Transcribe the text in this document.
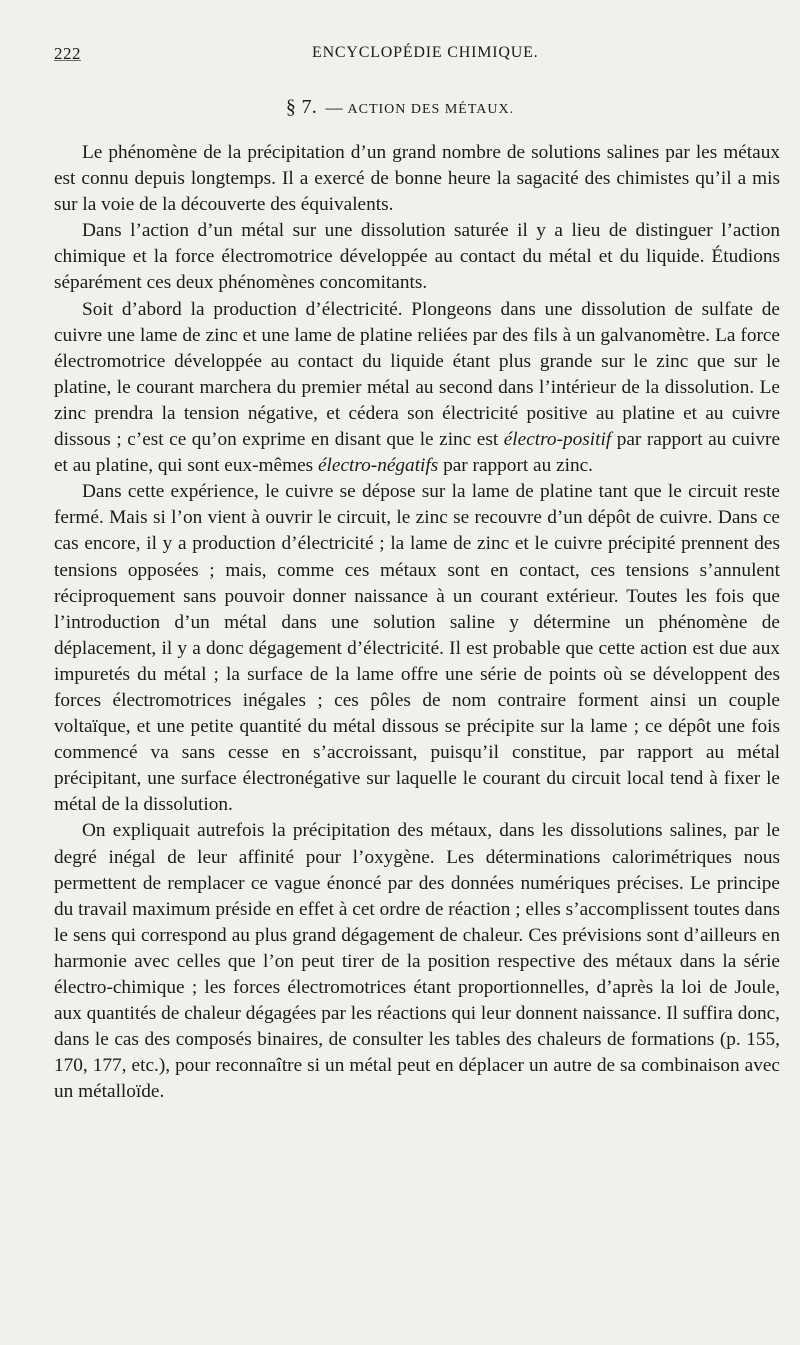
222	ENCYCLOPÉDIE CHIMIQUE.
§ 7. — ACTION DES MÉTAUX.

Le phénomène de la précipitation d’un grand nombre de solutions salines par les métaux est connu depuis longtemps. Il a exercé de bonne heure la sagacité des chimistes qu’il a mis sur la voie de la découverte des équivalents.

Dans l’action d’un métal sur une dissolution saturée il y a lieu de distinguer l’action chimique et la force électromotrice développée au contact du métal et du liquide. Étudions séparément ces deux phénomènes concomitants.

Soit d’abord la production d’électricité. Plongeons dans une dissolution de sulfate de cuivre une lame de zinc et une lame de platine reliées par des fils à un galvanomètre. La force électromotrice développée au contact du liquide étant plus grande sur le zinc que sur le platine, le courant marchera du premier métal au second dans l’intérieur de la dissolution. Le zinc prendra la tension négative, et cédera son électricité positive au platine et au cuivre dissous ; c’est ce qu’on exprime en disant que le zinc est électro-positif par rapport au cuivre et au platine, qui sont eux-mêmes électro-négatifs par rapport au zinc.

Dans cette expérience, le cuivre se dépose sur la lame de platine tant que le circuit reste fermé. Mais si l’on vient à ouvrir le circuit, le zinc se recouvre d’un dépôt de cuivre. Dans ce cas encore, il y a production d’électricité ; la lame de zinc et le cuivre précipité prennent des tensions opposées ; mais, comme ces métaux sont en contact, ces tensions s’annulent réciproquement sans pouvoir donner naissance à un courant extérieur. Toutes les fois que l’introduction d’un métal dans une solution saline y détermine un phénomène de déplacement, il y a donc dégagement d’électricité. Il est probable que cette action est due aux impuretés du métal ; la surface de la lame offre une série de points où se développent des forces électromotrices inégales ; ces pôles de nom contraire forment ainsi un couple voltaïque, et une petite quantité du métal dissous se précipite sur la lame ; ce dépôt une fois commencé va sans cesse en s’accroissant, puisqu’il constitue, par rapport au métal précipitant, une surface électronégative sur laquelle le courant du circuit local tend à fixer le métal de la dissolution.

On expliquait autrefois la précipitation des métaux, dans les dissolutions salines, par le degré inégal de leur affinité pour l’oxygène. Les déterminations calorimétriques nous permettent de remplacer ce vague énoncé par des données numériques précises. Le principe du travail maximum préside en effet à cet ordre de réaction ; elles s’accomplissent toutes dans le sens qui correspond au plus grand dégagement de chaleur. Ces prévisions sont d’ailleurs en harmonie avec celles que l’on peut tirer de la position respective des métaux dans la série électro-chimique ; les forces électromotrices étant proportionnelles, d’après la loi de Joule, aux quantités de chaleur dégagées par les réactions qui leur donnent naissance. Il suffira donc, dans le cas des composés binaires, de consulter les tables des chaleurs de formations (p. 155, 170, 177, etc.), pour reconnaître si un métal peut en déplacer un autre de sa combinaison avec un métalloïde.
